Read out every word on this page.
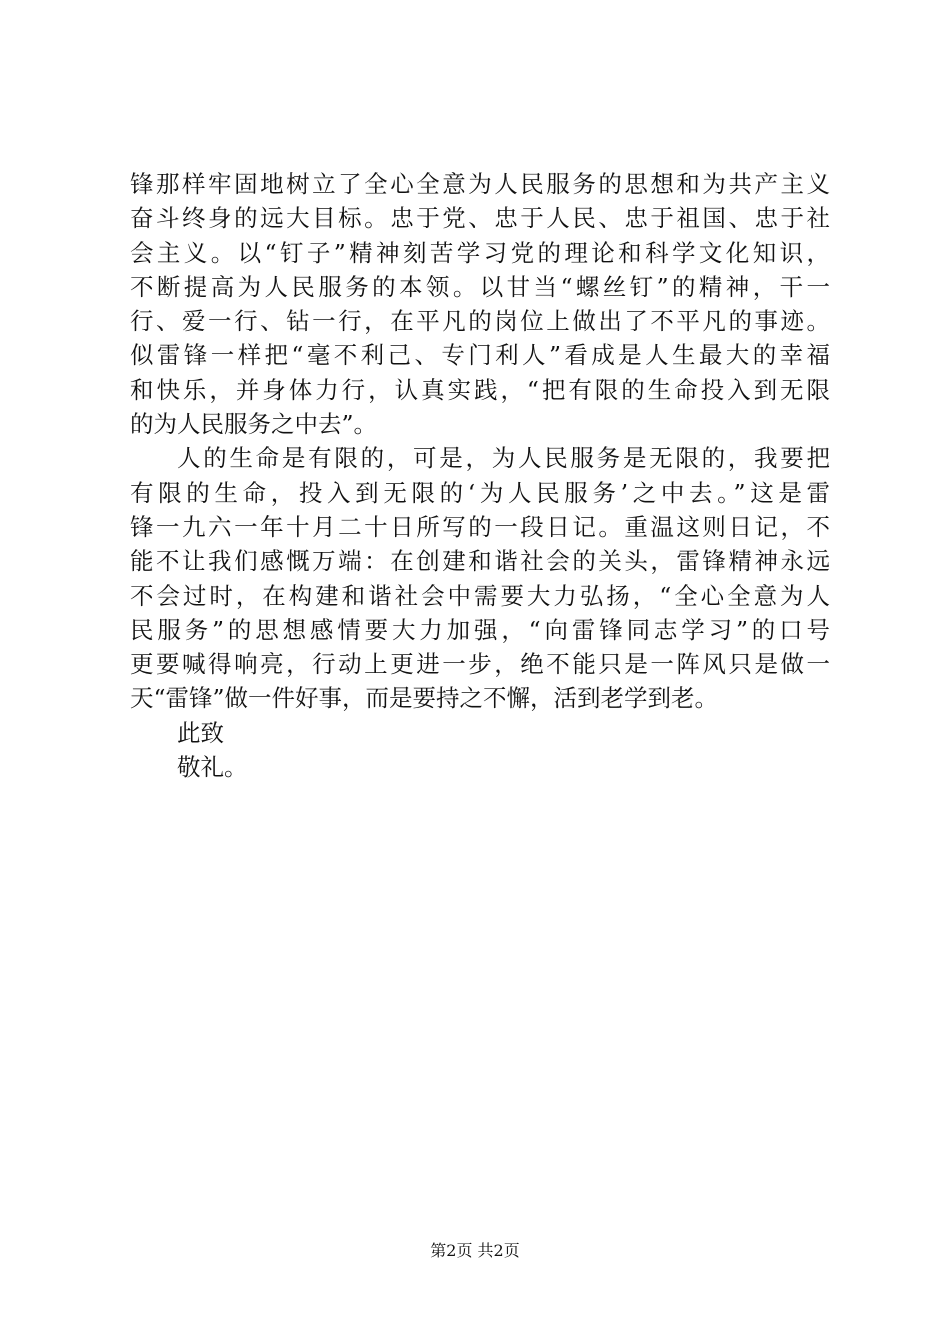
锋那样牢固地树立了全心全意为人民服务的思想和为共产主义
奋斗终身的远大目标。忠于党、忠于人民、忠于祖国、忠于社
会主义。以“钉子”精神刻苦学习党的理论和科学文化知识，
不断提高为人民服务的本领。以甘当“螺丝钉”的精神，干一
行、爱一行、钻一行，在平凡的岗位上做出了不平凡的事迹。
似雷锋一样把“毫不利己、专门利人”看成是人生最大的幸福
和快乐，并身体力行，认真实践，“把有限的生命投入到无限
的为人民服务之中去”。
人的生命是有限的，可是，为人民服务是无限的，我要把
有限的生命，投入到无限的‘为人民服务’之中去。”这是雷
锋一九六一年十月二十日所写的一段日记。重温这则日记，不
能不让我们感慨万端：在创建和谐社会的关头，雷锋精神永远
不会过时，在构建和谐社会中需要大力弘扬，“全心全意为人
民服务”的思想感情要大力加强，“向雷锋同志学习”的口号
更要喊得响亮，行动上更进一步，绝不能只是一阵风只是做一
天“雷锋”做一件好事，而是要持之不懈，活到老学到老。
此致
敬礼。
第2页 共2页
